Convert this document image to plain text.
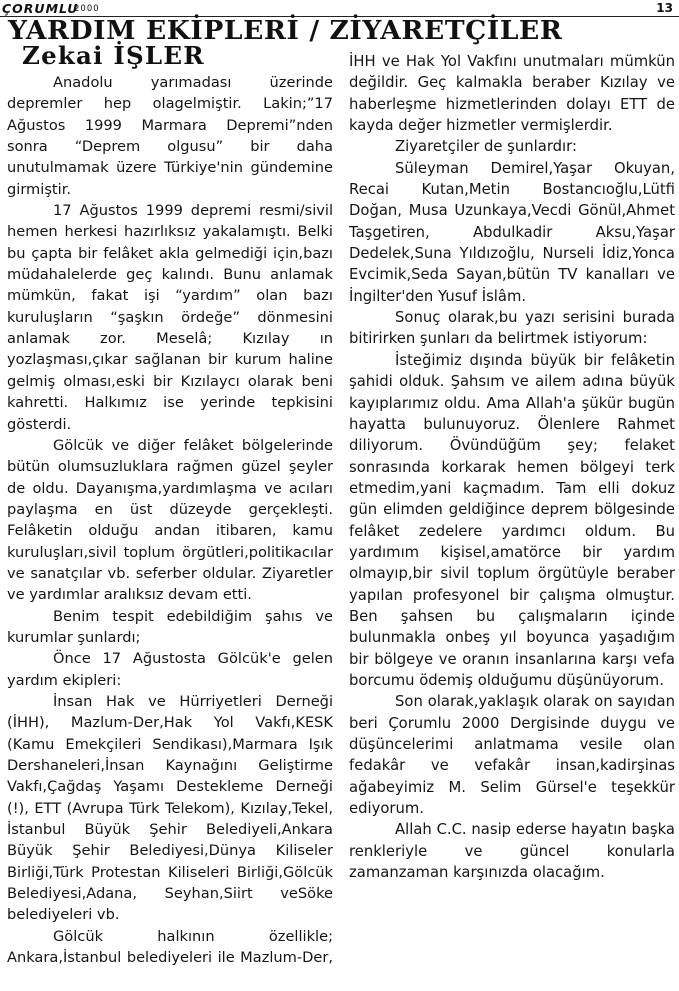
ÇORUMLU
2000	13
YARDIM EKİPLERİ / ZİYARETÇİLER
Zekai İŞLER

Anadolu yarımadası üzerinde depremler hep olagelmiştir. Lakin;”17 Ağustos 1999 Marmara Depremi”nden sonra “Deprem olgusu” bir daha unutulmamak üzere Türkiye'nin gündemine girmiştir.

17 Ağustos 1999 depremi resmi/sivil hemen herkesi hazırlıksız yakalamıştı. Belki bu çapta bir felâket akla gelmediği için,bazı müdahalelerde geç kalındı. Bunu anlamak mümkün, fakat işi “yardım” olan bazı kuruluşların “şaşkın ördeğe” dönmesini anlamak zor. Meselâ; Kızılay ın yozlaşması,çıkar sağlanan bir kurum haline gelmiş olması,eski bir Kızılaycı olarak beni kahretti. Halkımız ise yerinde tepkisini gösterdi.

Gölcük ve diğer felâket bölgelerinde bütün olumsuzluklara rağmen güzel şeyler de oldu. Dayanışma,yardımlaşma ve acıları paylaşma en üst düzeyde gerçekleşti. Felâketin olduğu andan itibaren, kamu kuruluşları,sivil toplum örgütleri,politikacılar ve sanatçılar vb. seferber oldular. Ziyaretler ve yardımlar aralıksız devam etti.

Benim tespit edebildiğim şahıs ve kurumlar şunlardı;

Önce 17 Ağustosta Gölcük'e gelen yardım ekipleri:

İnsan Hak ve Hürriyetleri Derneği (İHH), Mazlum-Der,Hak Yol Vakfı,KESK (Kamu Emekçileri Sendikası),Marmara Işık Dershaneleri,İnsan Kaynağını Geliştirme Vakfı,Çağdaş Yaşamı Destekleme Derneği (!), ETT (Avrupa Türk Telekom), Kızılay,Tekel, İstanbul Büyük Şehir Belediyeli,Ankara Büyük Şehir Belediyesi,Dünya Kiliseler Birliği,Türk Protestan Kiliseleri Birliği,Gölcük Belediyesi,Adana, Seyhan,Siirt veSöke belediyeleri vb.

Gölcük halkının özellikle; Ankara,İstanbul belediyeleri ile Mazlum-Der,

İHH ve Hak Yol Vakfını unutmaları mümkün değildir. Geç kalmakla beraber Kızılay ve haberleşme hizmetlerinden dolayı ETT de kayda değer hizmetler vermişlerdir.

Ziyaretçiler de şunlardır:

Süleyman Demirel,Yaşar Okuyan, Recai Kutan,Metin Bostancıoğlu,Lütfi Doğan, Musa Uzunkaya,Vecdi Gönül,Ahmet Taşgetiren, Abdulkadir Aksu,Yaşar Dedelek,Suna Yıldızoğlu, Nurseli İdiz,Yonca Evcimik,Seda Sayan,bütün TV kanalları ve İngilter'den Yusuf İslâm.

Sonuç olarak,bu yazı serisini burada bitirirken şunları da belirtmek istiyorum:

İsteğimiz dışında büyük bir felâketin şahidi olduk. Şahsım ve ailem adına büyük kayıplarımız oldu. Ama Allah'a şükür bugün hayatta bulunuyoruz. Ölenlere Rahmet diliyorum. Övündüğüm şey; felaket sonrasında korkarak hemen bölgeyi terk etmedim,yani kaçmadım. Tam elli dokuz gün elimden geldiğince deprem bölgesinde felâket zedelere yardımcı oldum. Bu yardımım kişisel,amatörce bir yardım olmayıp,bir sivil toplum örgütüyle beraber yapılan profesyonel bir çalışma olmuştur. Ben şahsen bu çalışmaların içinde bulunmakla onbeş yıl boyunca yaşadığım bir bölgeye ve oranın insanlarına karşı vefa borcumu ödemiş olduğumu düşünüyorum.

Son olarak,yaklaşık olarak on sayıdan beri Çorumlu 2000 Dergisinde duygu ve düşüncelerimi anlatmama vesile olan fedakâr ve vefakâr insan,kadirşinas ağabeyimiz M. Selim Gürsel'e teşekkür ediyorum.

Allah C.C. nasip ederse hayatın başka renkleriyle ve güncel konularla zamanzaman karşınızda olacağım.
